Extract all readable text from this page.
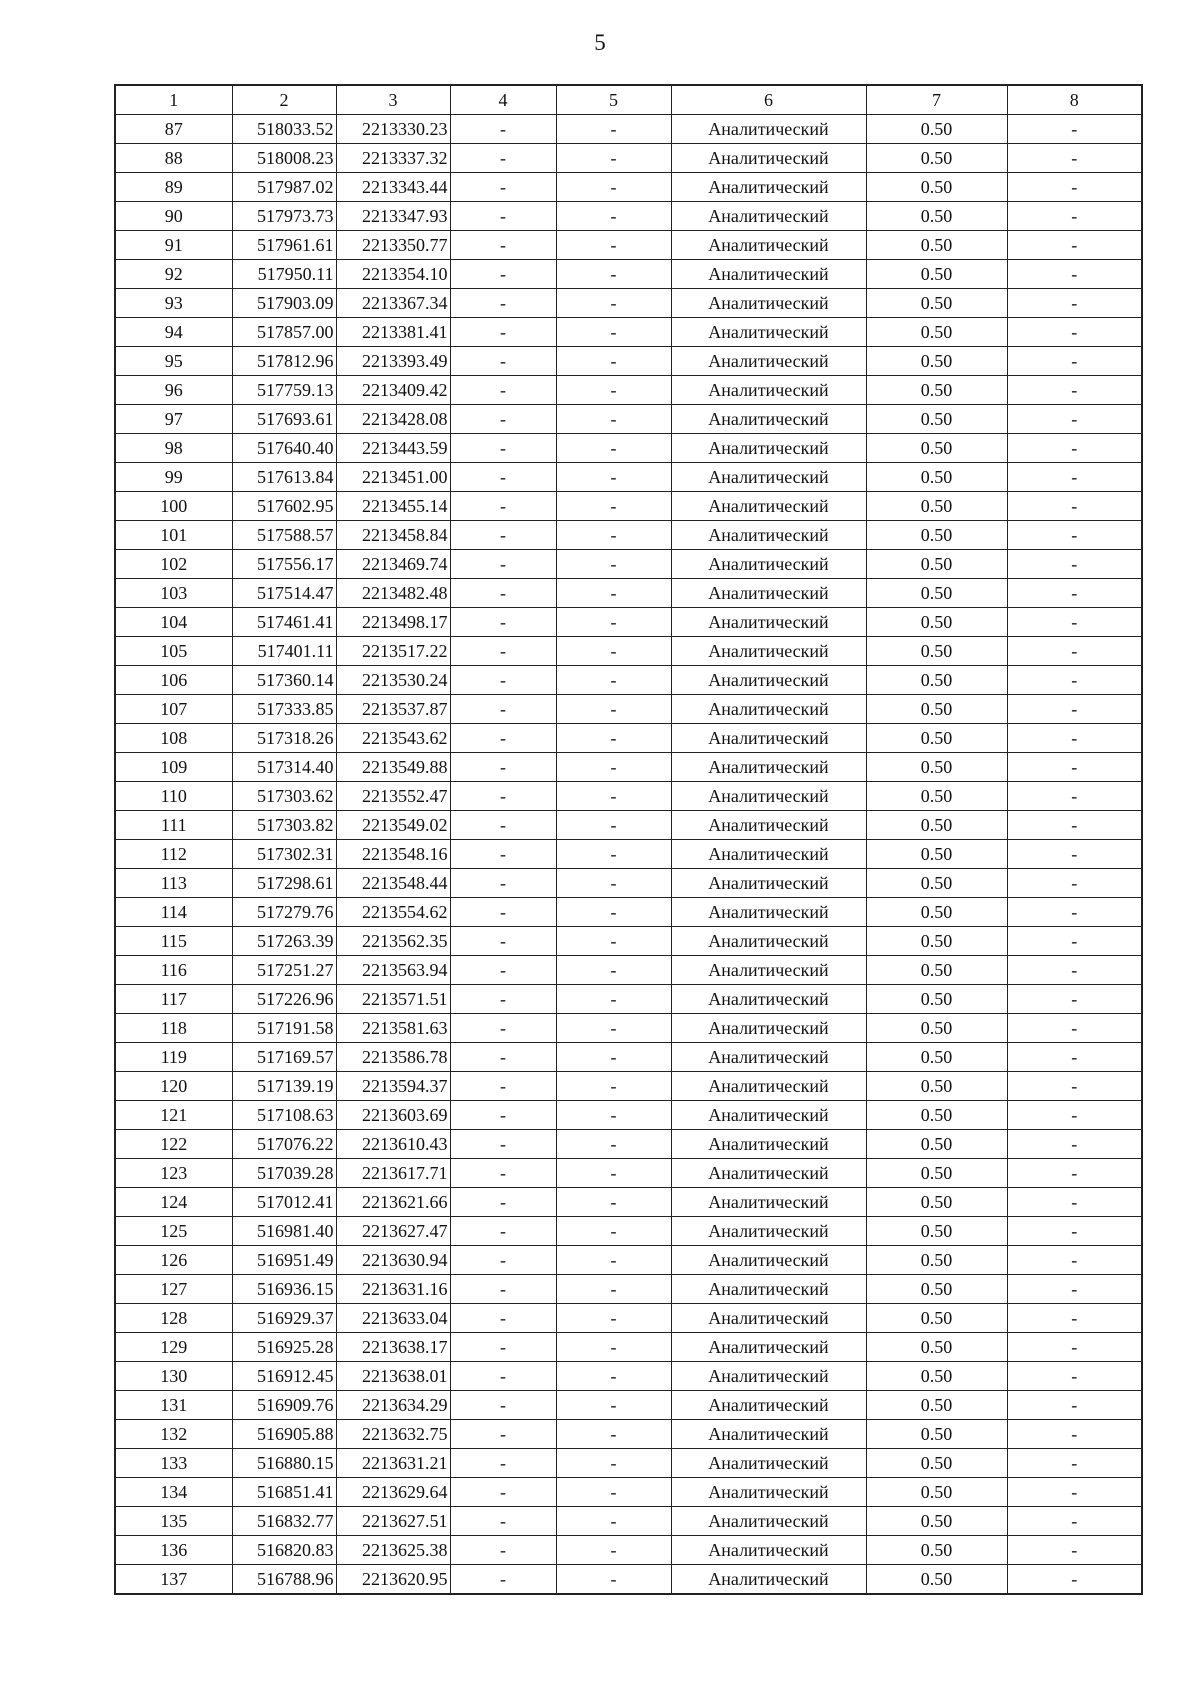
5
1	2	3	4	5	6	7	8
87	518033.52	2213330.23	-	-	Аналитический	0.50	-
88	518008.23	2213337.32	-	-	Аналитический	0.50	-
89	517987.02	2213343.44	-	-	Аналитический	0.50	-
90	517973.73	2213347.93	-	-	Аналитический	0.50	-
91	517961.61	2213350.77	-	-	Аналитический	0.50	-
92	517950.11	2213354.10	-	-	Аналитический	0.50	-
93	517903.09	2213367.34	-	-	Аналитический	0.50	-
94	517857.00	2213381.41	-	-	Аналитический	0.50	-
95	517812.96	2213393.49	-	-	Аналитический	0.50	-
96	517759.13	2213409.42	-	-	Аналитический	0.50	-
97	517693.61	2213428.08	-	-	Аналитический	0.50	-
98	517640.40	2213443.59	-	-	Аналитический	0.50	-
99	517613.84	2213451.00	-	-	Аналитический	0.50	-
100	517602.95	2213455.14	-	-	Аналитический	0.50	-
101	517588.57	2213458.84	-	-	Аналитический	0.50	-
102	517556.17	2213469.74	-	-	Аналитический	0.50	-
103	517514.47	2213482.48	-	-	Аналитический	0.50	-
104	517461.41	2213498.17	-	-	Аналитический	0.50	-
105	517401.11	2213517.22	-	-	Аналитический	0.50	-
106	517360.14	2213530.24	-	-	Аналитический	0.50	-
107	517333.85	2213537.87	-	-	Аналитический	0.50	-
108	517318.26	2213543.62	-	-	Аналитический	0.50	-
109	517314.40	2213549.88	-	-	Аналитический	0.50	-
110	517303.62	2213552.47	-	-	Аналитический	0.50	-
111	517303.82	2213549.02	-	-	Аналитический	0.50	-
112	517302.31	2213548.16	-	-	Аналитический	0.50	-
113	517298.61	2213548.44	-	-	Аналитический	0.50	-
114	517279.76	2213554.62	-	-	Аналитический	0.50	-
115	517263.39	2213562.35	-	-	Аналитический	0.50	-
116	517251.27	2213563.94	-	-	Аналитический	0.50	-
117	517226.96	2213571.51	-	-	Аналитический	0.50	-
118	517191.58	2213581.63	-	-	Аналитический	0.50	-
119	517169.57	2213586.78	-	-	Аналитический	0.50	-
120	517139.19	2213594.37	-	-	Аналитический	0.50	-
121	517108.63	2213603.69	-	-	Аналитический	0.50	-
122	517076.22	2213610.43	-	-	Аналитический	0.50	-
123	517039.28	2213617.71	-	-	Аналитический	0.50	-
124	517012.41	2213621.66	-	-	Аналитический	0.50	-
125	516981.40	2213627.47	-	-	Аналитический	0.50	-
126	516951.49	2213630.94	-	-	Аналитический	0.50	-
127	516936.15	2213631.16	-	-	Аналитический	0.50	-
128	516929.37	2213633.04	-	-	Аналитический	0.50	-
129	516925.28	2213638.17	-	-	Аналитический	0.50	-
130	516912.45	2213638.01	-	-	Аналитический	0.50	-
131	516909.76	2213634.29	-	-	Аналитический	0.50	-
132	516905.88	2213632.75	-	-	Аналитический	0.50	-
133	516880.15	2213631.21	-	-	Аналитический	0.50	-
134	516851.41	2213629.64	-	-	Аналитический	0.50	-
135	516832.77	2213627.51	-	-	Аналитический	0.50	-
136	516820.83	2213625.38	-	-	Аналитический	0.50	-
137	516788.96	2213620.95	-	-	Аналитический	0.50	-
